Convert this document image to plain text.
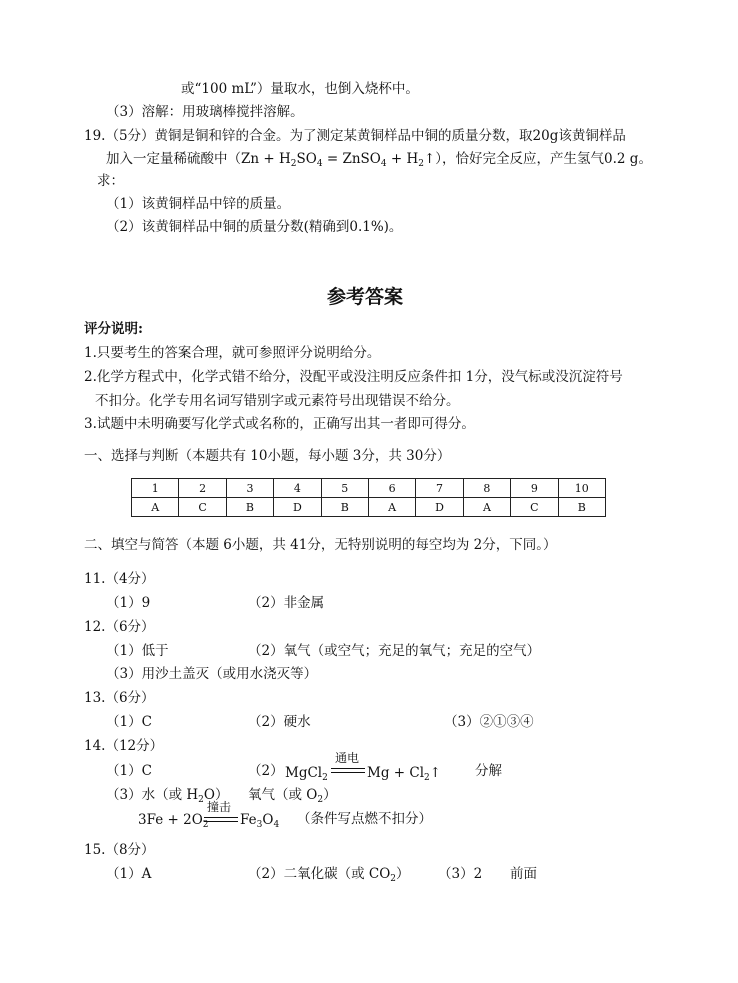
或“100 mL”）量取水，也倒入烧杯中。
（3）溶解：用玻璃棒搅拌溶解。
19.（5分）黄铜是铜和锌的合金。为了测定某黄铜样品中铜的质量分数，取20g该黄铜样品
加入一定量稀硫酸中（$Zn + H_2SO_4$ = ZnSO$_4$ + $H_2↑$），恰好完全反应，产生氢气0.2 g。
求：
（1）该黄铜样品中锌的质量。
（2）该黄铜样品中铜的质量分数(精确到0.1%)。
参考答案
评分说明:
1.只要考生的答案合理，就可参照评分说明给分。
2.化学方程式中，化学式错不给分，没配平或没注明反应条件扣 1分，没气标或没沉淀符号
不扣分。化学专用名词写错别字或元素符号出现错误不给分。
3.试题中未明确要写化学式或名称的，正确写出其一者即可得分。
一、选择与判断（本题共有 10小题，每小题 3分，共 30分）
1	2	3	4	5	6	7	8	9	10
A	C	B	D	B	A	D	A	C	B
二、填空与简答（本题 6小题，共 41分，无特别说明的每空均为 2分，下同。）
11.（4分）
（1）9	（2）非金属
12.（6分）
（1）低于	（2）氧气（或空气；充足的氧气；充足的空气）
（3）用沙土盖灭（或用水浇灭等）
13.（6分）
（1）C	（2）硬水	（3）②①③④
14.（12分）
（1）C	（2） MgCl$_2$
通电
$Mg + Cl_2↑$	分解
（3）水（或 $H_2O$） 氧气（或 $O_2$）
$3Fe + 2O_2$
撞击
$Fe_3O_4$ （条件写点燃不扣分）
15.（8分）
（1）A	（2）二氧化碳（或 $CO_2$） （3）2 前面
